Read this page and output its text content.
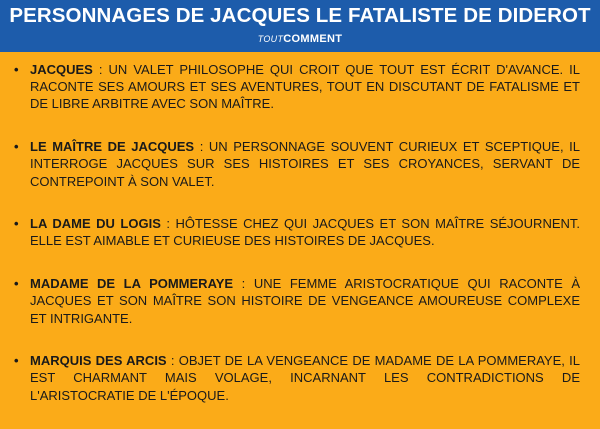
PERSONNAGES DE JACQUES LE FATALISTE DE DIDEROT
TOUTCOMMENT
• JACQUES : UN VALET PHILOSOPHE QUI CROIT QUE TOUT EST ÉCRIT D'AVANCE. IL RACONTE SES AMOURS ET SES AVENTURES, TOUT EN DISCUTANT DE FATALISME ET DE LIBRE ARBITRE AVEC SON MAÎTRE.
• LE MAÎTRE DE JACQUES : UN PERSONNAGE SOUVENT CURIEUX ET SCEPTIQUE, IL INTERROGE JACQUES SUR SES HISTOIRES ET SES CROYANCES, SERVANT DE CONTREPOINT À SON VALET.
• LA DAME DU LOGIS : HÔTESSE CHEZ QUI JACQUES ET SON MAÎTRE SÉJOURNENT. ELLE EST AIMABLE ET CURIEUSE DES HISTOIRES DE JACQUES.
• MADAME DE LA POMMERAYE : UNE FEMME ARISTOCRATIQUE QUI RACONTE À JACQUES ET SON MAÎTRE SON HISTOIRE DE VENGEANCE AMOUREUSE COMPLEXE ET INTRIGANTE.
• MARQUIS DES ARCIS : OBJET DE LA VENGEANCE DE MADAME DE LA POMMERAYE, IL EST CHARMANT MAIS VOLAGE, INCARNANT LES CONTRADICTIONS DE L'ARISTOCRATIE DE L'ÉPOQUE.
